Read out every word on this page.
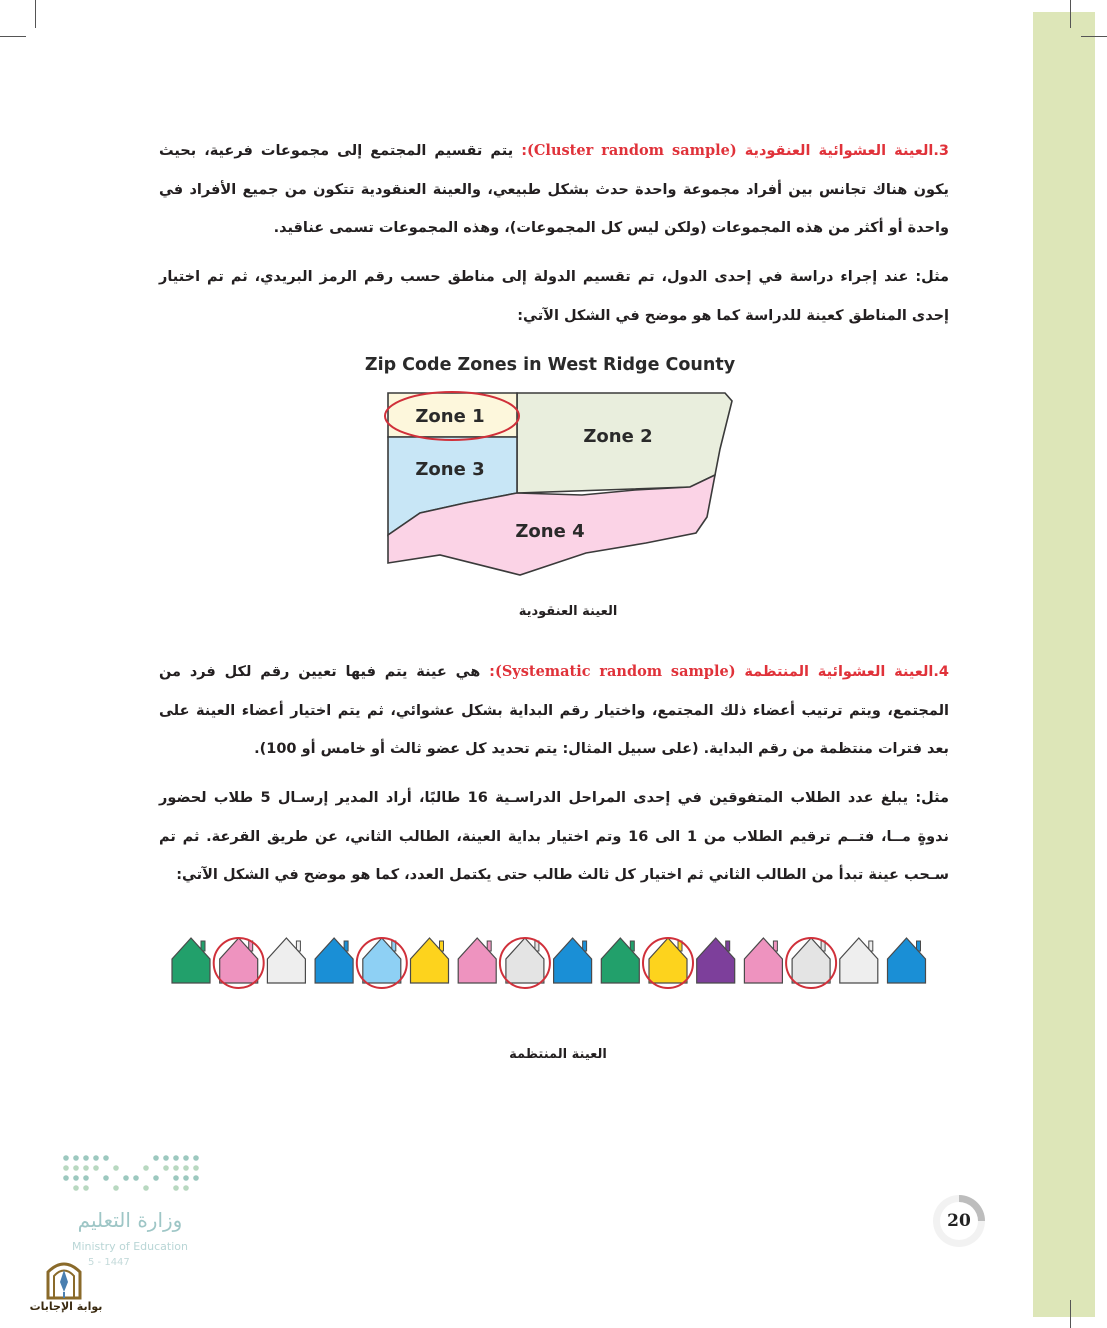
3.العينة العشوائية العنقودية (Cluster random sample): يتم تقسيم المجتمع إلى مجموعات فرعية، بحيث يكون هناك تجانس بين أفراد مجموعة واحدة حدث بشكل طبيعي، والعينة العنقودية تتكون من جميع الأفراد في واحدة أو أكثر من هذه المجموعات (ولكن ليس كل المجموعات)، وهذه المجموعات تسمى عناقيد.
مثل: عند إجراء دراسة في إحدى الدول، تم تقسيم الدولة إلى مناطق حسب رقم الرمز البريدي، ثم تم اختيار إحدى المناطق كعينة للدراسة كما هو موضح في الشكل الآتي:
Zip Code Zones in West Ridge County
Zone 1
Zone 2
Zone 3
Zone 4
العينة العنقودية
4.العينة العشوائية المنتظمة (Systematic random sample): هي عينة يتم فيها تعيين رقم لكل فرد من المجتمع، ويتم ترتيب أعضاء ذلك المجتمع، واختيار رقم البداية بشكل عشوائي، ثم يتم اختيار أعضاء العينة على بعد فترات منتظمة من رقم البداية. (على سبيل المثال: يتم تحديد كل عضو ثالث أو خامس أو 100).
مثل: يبلغ عدد الطلاب المتفوقين في إحدى المراحل الدراسـية 16 طالبًا، أراد المدير إرسـال 5 طلاب لحضور ندوةٍ مــا، فتــم ترقيم الطلاب من 1 الى 16 وتم اختيار بداية العينة، الطالب الثاني، عن طريق القرعة. ثم تم سـحب عينة تبدأ من الطالب الثاني ثم اختيار كل ثالث طالب حتى يكتمل العدد، كما هو موضح في الشكل الآتي:
العينة المنتظمة
20
وزارة التعليم
Ministry of Education
5 - 1447
بوابة الإجابات
